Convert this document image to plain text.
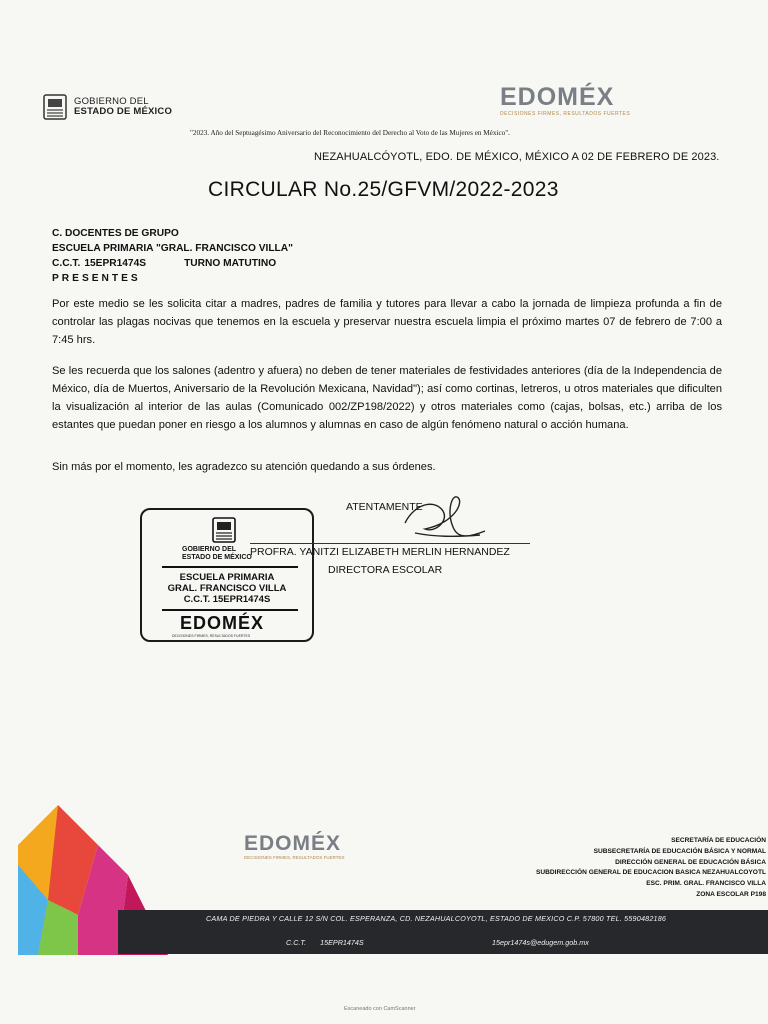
GOBIERNO DEL
ESTADO DE MÉXICO
EDOMÉX
DECISIONES FIRMES, RESULTADOS FUERTES
"2023. Año del Septuagésimo Aniversario del Reconocimiento del Derecho al Voto de las Mujeres en México".
NEZAHUALCÓYOTL, EDO. DE MÉXICO, MÉXICO A 02 DE FEBRERO DE 2023.
CIRCULAR No.25/GFVM/2022-2023
C. DOCENTES DE GRUPO
ESCUELA PRIMARIA "GRAL. FRANCISCO VILLA"
C.C.T. 15EPR1474S	TURNO MATUTINO
PRESENTES

Por este medio se les solicita citar a madres, padres de familia y tutores para llevar a cabo la jornada de limpieza profunda a fin de controlar las plagas nocivas que tenemos en la escuela y preservar nuestra escuela limpia el próximo martes 07 de febrero de 7:00 a 7:45 hrs.

Se les recuerda que los salones (adentro y afuera) no deben de tener materiales de festividades anteriores (día de la Independencia de México, día de Muertos, Aniversario de la Revolución Mexicana, Navidad"); así como cortinas, letreros, u otros materiales que dificulten la visualización al interior de las aulas (Comunicado 002/ZP198/2022) y otros materiales como (cajas, bolsas, etc.) arriba de los estantes que puedan poner en riesgo a los alumnos y alumnas en caso de algún fenómeno natural o acción humana.

Sin más por el momento, les agradezco su atención quedando a sus órdenes.

GOBIERNO DEL
ESTADO DE MÉXICO
ESCUELA PRIMARIA
GRAL. FRANCISCO VILLA
C.C.T. 15EPR1474S
EDOMÉX
DECISIONES FIRMES, RESULTADOS FUERTES
ATENTAMENTE
PROFRA. YANITZI ELIZABETH MERLIN HERNANDEZ
DIRECTORA ESCOLAR
EDOMÉX
DECISIONES FIRMES, RESULTADOS FUERTES
SECRETARÍA DE EDUCACIÓN
SUBSECRETARÍA DE EDUCACIÓN BÁSICA Y NORMAL
DIRECCIÓN GENERAL DE EDUCACIÓN BÁSICA
SUBDIRECCIÓN GENERAL DE EDUCACION BASICA NEZAHUALCOYOTL
ESC. PRIM. GRAL. FRANCISCO VILLA
ZONA ESCOLAR P198
CAMA DE PIEDRA Y CALLE 12 S/N COL. ESPERANZA, CD. NEZAHUALCOYOTL, ESTADO DE MEXICO C.P. 57800 TEL. 5590482186
C.C.T. 15EPR1474S	15epr1474s@edugem.gob.mx
Escaneado con CamScanner
